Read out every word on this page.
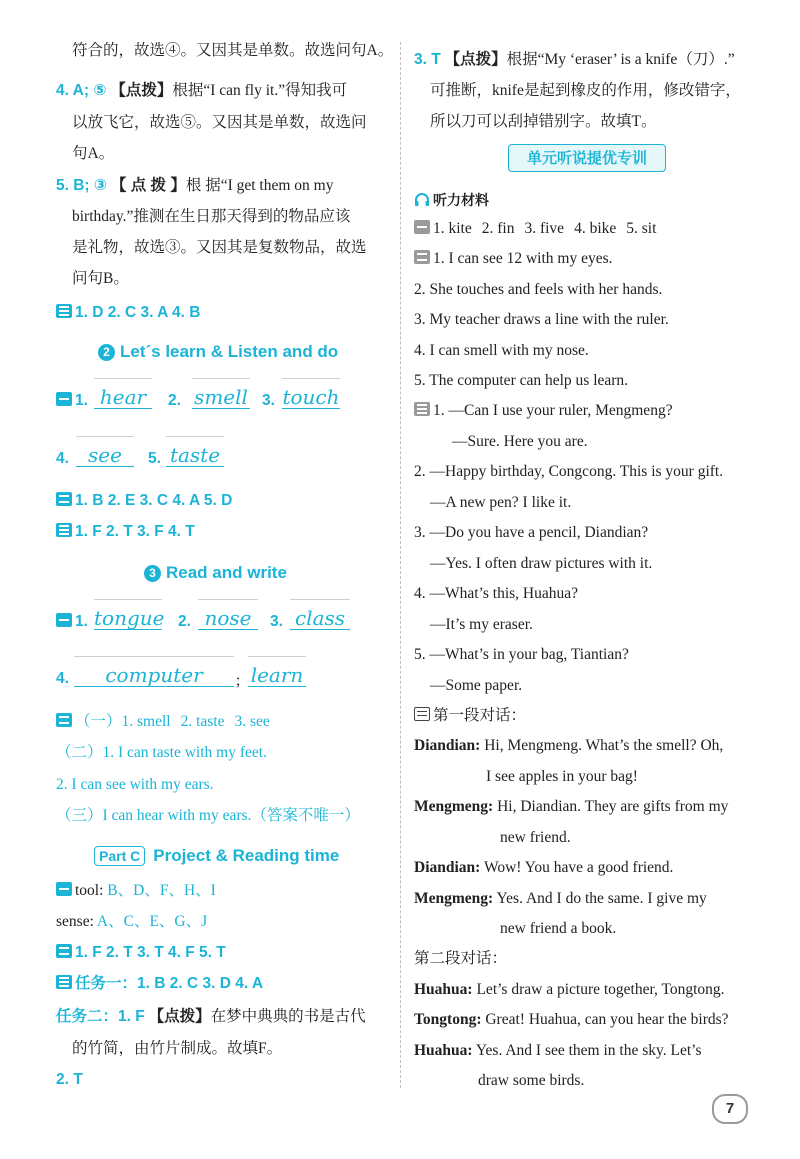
符合的，故选④。又因其是单数。故选问句A。
4. A; ⑤ 【点拨】根据“I can fly it.”得知我可
以放飞它，故选⑤。又因其是单数，故选问
句A。
5. B; ③ 【 点 拨 】根 据“I get them on my
birthday.”推测在生日那天得到的物品应该
是礼物，故选③。又因其是复数物品，故选
问句B。
1. D 2. C 3. A 4. B
2 Let´s learn & Listen and do
1. hear	2. smell 3. touch
4. see	5. taste
1. B 2. E 3. C 4. A 5. D
1. F 2. T 3. F 4. T
3 Read and write
1. tongue 2. nose	3. class
4.	computer	; learn
（一）1. smell 2. taste 3. see
（二）1. I can taste with my feet.
2. I can see with my ears.
（三）I can hear with my ears.（答案不唯一）
Part C Project & Reading time
tool: B、D、F、H、I
sense: A、C、E、G、J
1. F 2. T 3. T 4. F 5. T
任务一：1. B 2. C 3. D 4. A
任务二：1. F 【点拨】在梦中典典的书是古代
的竹简，由竹片制成。故填F。
2. T
3. T 【点拨】根据“My ‘eraser’ is a knife（刀）.”
可推断，knife是起到橡皮的作用，修改错字，
所以刀可以刮掉错别字。故填T。
单元听说提优专训
听力材料
1. kite 2. fin 3. five 4. bike 5. sit
1. I can see 12 with my eyes.
2. She touches and feels with her hands.
3. My teacher draws a line with the ruler.
4. I can smell with my nose.
5. The computer can help us learn.
1. —Can I use your ruler, Mengmeng?
—Sure. Here you are.
2. —Happy birthday, Congcong. This is your gift.
—A new pen? I like it.
3. —Do you have a pencil, Diandian?
—Yes. I often draw pictures with it.
4. —What’s this, Huahua?
—It’s my eraser.
5. —What’s in your bag, Tiantian?
—Some paper.
第一段对话：
Diandian: Hi, Mengmeng. What’s the smell? Oh,
I see apples in your bag!
Mengmeng: Hi, Diandian. They are gifts from my
new friend.
Diandian: Wow! You have a good friend.
Mengmeng: Yes. And I do the same. I give my
new friend a book.
第二段对话：
Huahua: Let’s draw a picture together, Tongtong.
Tongtong: Great! Huahua, can you hear the birds?
Huahua: Yes. And I see them in the sky. Let’s
draw some birds.
7
